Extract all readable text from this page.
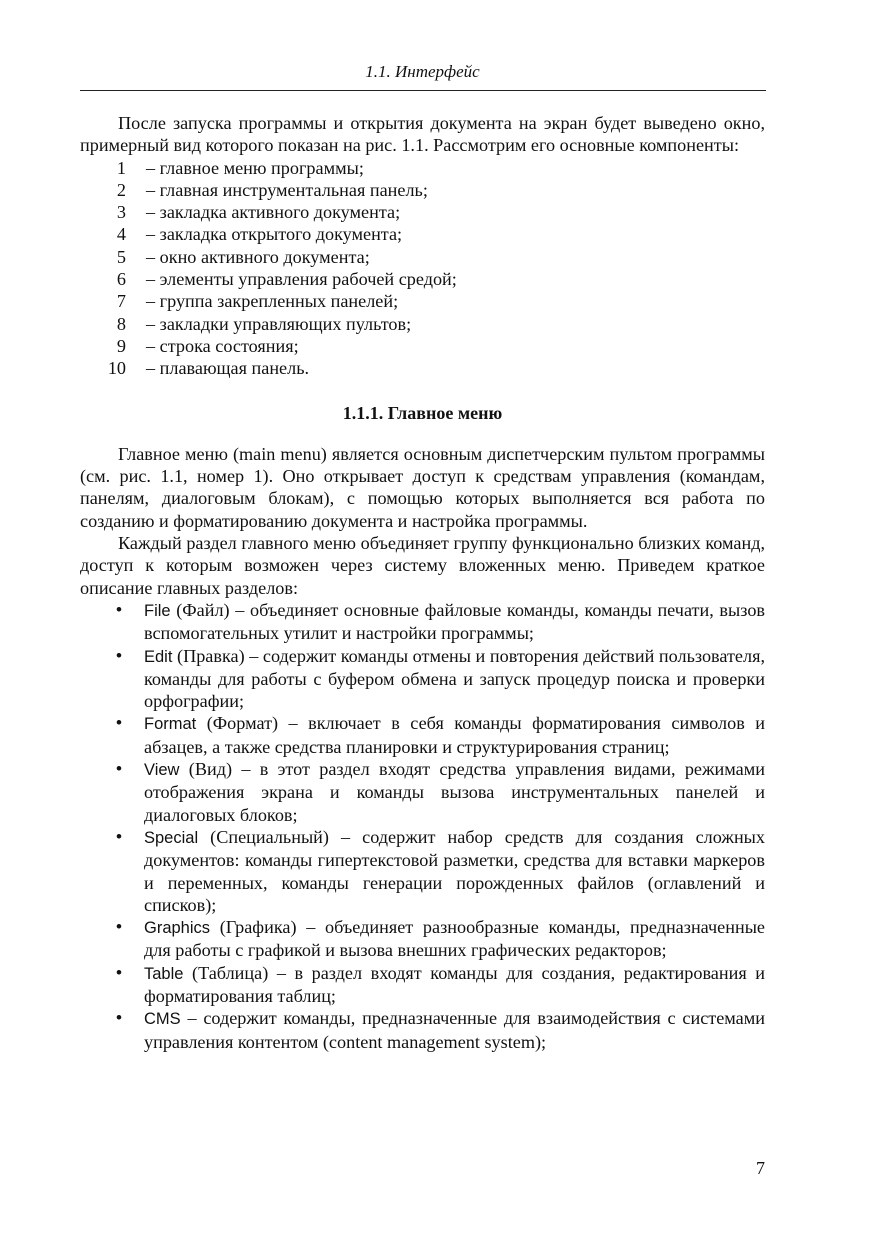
1.1. Интерфейс

После запуска программы и открытия документа на экран будет выведено окно, примерный вид которого показан на рис. 1.1. Рассмотрим его основные компоненты:

1 – главное меню программы;
2 – главная инструментальная панель;
3 – закладка активного документа;
4 – закладка открытого документа;
5 – окно активного документа;
6 – элементы управления рабочей средой;
7 – группа закрепленных панелей;
8 – закладки управляющих пультов;
9 – строка состояния;
10 – плавающая панель.
1.1.1. Главное меню

Главное меню (main menu) является основным диспетчерским пультом программы (см. рис. 1.1, номер 1). Оно открывает доступ к средствам управления (командам, панелям, диалоговым блокам), с помощью которых выполняется вся работа по созданию и форматированию документа и настройка программы.

Каждый раздел главного меню объединяет группу функционально близких команд, доступ к которым возможен через систему вложенных меню. Приведем краткое описание главных разделов:

• File (Файл) – объединяет основные файловые команды, команды печати, вызов вспомогательных утилит и настройки программы;
• Edit (Правка) – содержит команды отмены и повторения действий пользователя, команды для работы с буфером обмена и запуск процедур поиска и проверки орфографии;
• Format (Формат) – включает в себя команды форматирования символов и абзацев, а также средства планировки и структурирования страниц;
• View (Вид) – в этот раздел входят средства управления видами, режимами отображения экрана и команды вызова инструментальных панелей и диалоговых блоков;
• Special (Специальный) – содержит набор средств для создания сложных документов: команды гипертекстовой разметки, средства для вставки маркеров и переменных, команды генерации порожденных файлов (оглавлений и списков);
• Graphics (Графика) – объединяет разнообразные команды, предназначенные для работы с графикой и вызова внешних графических редакторов;
• Table (Таблица) – в раздел входят команды для создания, редактирования и форматирования таблиц;
• CMS – содержит команды, предназначенные для взаимодействия с системами управления контентом (content management system);
7
